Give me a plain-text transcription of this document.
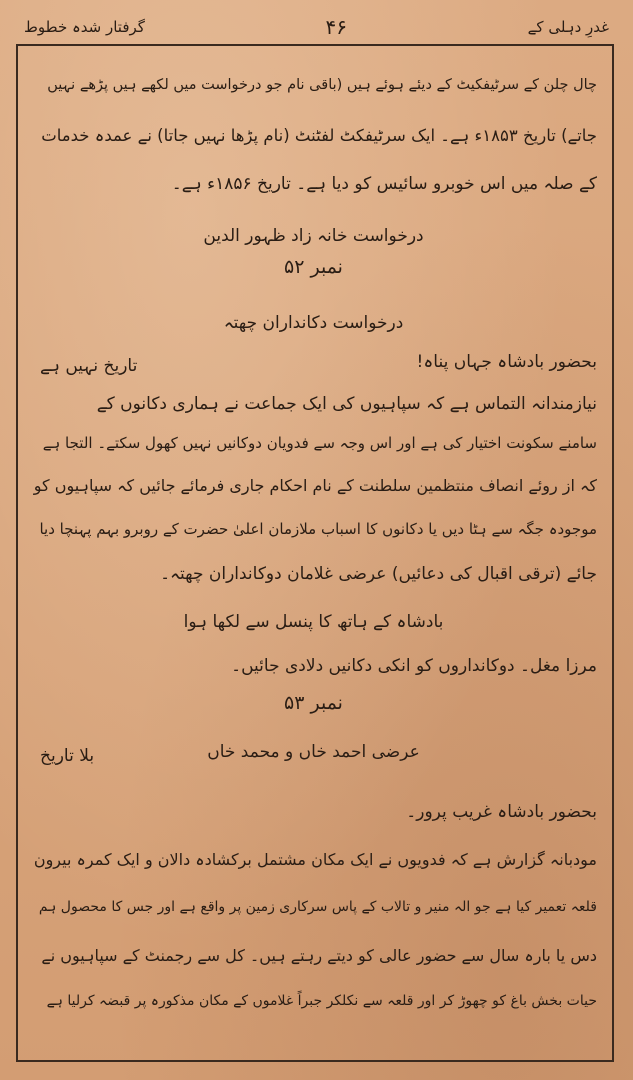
غدرِ دہلی کے
۴۶
گرفتار شدہ خطوط
چال چلن کے سرٹیفکیٹ کے دیئے ہوئے ہیں (باقی نام جو درخواست میں لکھے ہیں پڑھے نہیں
جاتے) تاریخ ۱۸۵۳ء ہے۔ ایک سرٹیفکٹ لفٹنٹ (نام پڑھا نہیں جاتا) نے عمدہ خدمات
کے صلہ میں اس خوبرو سائیس کو دیا ہے۔ تاریخ ۱۸۵۶ء ہے۔
درخواست خانہ زاد ظہور الدین
نمبر ۵۲
درخواست دکانداران چھتہ
بحضور بادشاہ جہاں پناہ!
تاریخ نہیں ہے
نیازمندانہ التماس ہے کہ سپاہیوں کی ایک جماعت نے ہماری دکانوں کے
سامنے سکونت اختیار کی ہے اور اس وجہ سے فدویان دوکانیں نہیں کھول سکتے۔ التجا ہے
کہ از روئے انصاف منتظمین سلطنت کے نام احکام جاری فرمائے جائیں کہ سپاہیوں کو
موجودہ جگہ سے ہٹا دیں یا دکانوں کا اسباب ملازمان اعلیٰ حضرت کے روبرو بہم پہنچا دیا
جائے (ترقی اقبال کی دعائیں) عرضی غلامان دوکانداران چھتہ۔
بادشاہ کے ہاتھ کا پنسل سے لکھا ہوا
مرزا مغل۔ دوکانداروں کو انکی دکانیں دلادی جائیں۔
نمبر ۵۳
عرضی احمد خاں و محمد خاں
بلا تاریخ
بحضور بادشاہ غریب پرور۔
مودبانہ گزارش ہے کہ فدویوں نے ایک مکان مشتمل برکشادہ دالان و ایک کمرہ بیرون
قلعہ تعمیر کیا ہے جو الہ منیر و تالاب کے پاس سرکاری زمین پر واقع ہے اور جس کا محصول ہم
دس یا بارہ سال سے حضور عالی کو دیتے رہتے ہیں۔ کل سے رجمنٹ کے سپاہیوں نے
حیات بخش باغ کو چھوڑ کر اور قلعہ سے نکلکر جبراً غلاموں کے مکان مذکورہ پر قبضہ کرلیا ہے
